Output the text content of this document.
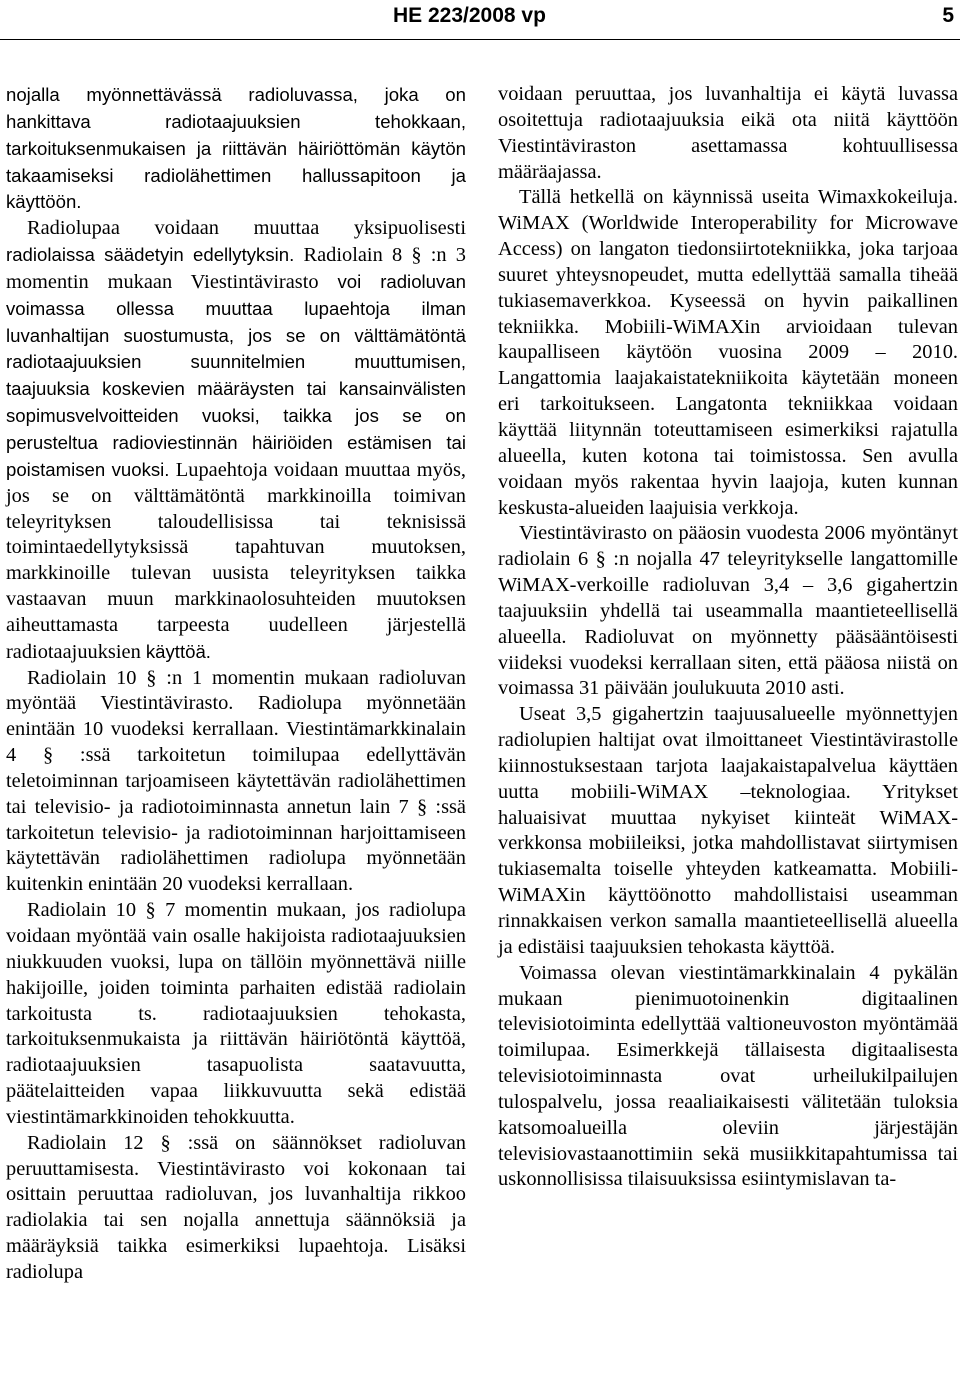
HE 223/2008 vp	5

nojalla myönnettävässä radioluvassa, joka on hankittava radiotaajuuksien tehokkaan, tarkoituksenmukaisen ja riittävän häiriöttömän käytön takaamiseksi radiolähettimen hallussapitoon ja käyttöön.

Radiolupaa voidaan muuttaa yksipuolisesti radiolaissa säädetyin edellytyksin. Radiolain 8 § :n 3 momentin mukaan Viestintävirasto voi radioluvan voimassa ollessa muuttaa lupaehtoja ilman luvanhaltijan suostumusta, jos se on välttämätöntä radiotaajuuksien suunnitelmien muuttumisen, taajuuksia koskevien määräysten tai kansainvälisten sopimusvelvoitteiden vuoksi, taikka jos se on perusteltua radioviestinnän häiriöiden estämisen tai poistamisen vuoksi. Lupaehtoja voidaan muuttaa myös, jos se on välttämätöntä markkinoilla toimivan teleyrityksen taloudellisissa tai teknisissä toimintaedellytyksissä tapahtuvan muutoksen, markkinoille tulevan uusista teleyrityksen taikka vastaavan muun markkinaolosuhteiden muutoksen aiheuttamasta tarpeesta uudelleen järjestellä radiotaajuuksien käyttöä.

Radiolain 10 § :n 1 momentin mukaan radioluvan myöntää Viestintävirasto. Radiolupa myönnetään enintään 10 vuodeksi kerrallaan. Viestintämarkkinalain 4 § :ssä tarkoitetun toimilupaa edellyttävän teletoiminnan tarjoamiseen käytettävän radiolähettimen tai televisio- ja radiotoiminnasta annetun lain 7 § :ssä tarkoitetun televisio- ja radiotoiminnan harjoittamiseen käytettävän radiolähettimen radiolupa myönnetään kuitenkin enintään 20 vuodeksi kerrallaan.

Radiolain 10 § 7 momentin mukaan, jos radiolupa voidaan myöntää vain osalle hakijoista radiotaajuuksien niukkuuden vuoksi, lupa on tällöin myönnettävä niille hakijoille, joiden toiminta parhaiten edistää radiolain tarkoitusta ts. radiotaajuuksien tehokasta, tarkoituksenmukaista ja riittävän häiriötöntä käyttöä, radiotaajuuksien tasapuolista saatavuutta, päätelaitteiden vapaa liikkuvuutta sekä edistää viestintämarkkinoiden tehokkuutta.

Radiolain 12 § :ssä on säännökset radioluvan peruuttamisesta. Viestintävirasto voi kokonaan tai osittain peruuttaa radioluvan, jos luvanhaltija rikkoo radiolakia tai sen nojalla annettuja säännöksiä ja määräyksiä taikka esimerkiksi lupaehtoja. Lisäksi radiolupa

voidaan peruuttaa, jos luvanhaltija ei käytä luvassa osoitettuja radiotaajuuksia eikä ota niitä käyttöön Viestintäviraston asettamassa kohtuullisessa määräajassa.

Tällä hetkellä on käynnissä useita Wimaxkokeiluja. WiMAX (Worldwide Interoperability for Microwave Access) on langaton tiedonsiirtotekniikka, joka tarjoaa suuret yhteysnopeudet, mutta edellyttää samalla tiheää tukiasemaverkkoa. Kyseessä on hyvin paikallinen tekniikka. Mobiili-WiMAXin arvioidaan tulevan kaupalliseen käytöön vuosina 2009 – 2010. Langattomia laajakaistatekniikoita käytetään moneen eri tarkoitukseen. Langatonta tekniikkaa voidaan käyttää liitynnän toteuttamiseen esimerkiksi rajatulla alueella, kuten kotona tai toimistossa. Sen avulla voidaan myös rakentaa hyvin laajoja, kuten kunnan keskusta-alueiden laajuisia verkkoja.

Viestintävirasto on pääosin vuodesta 2006 myöntänyt radiolain 6 § :n nojalla 47 teleyritykselle langattomille WiMAX-verkoille radioluvan 3,4 – 3,6 gigahertzin taajuuksiin yhdellä tai useammalla maantieteellisellä alueella. Radioluvat on myönnetty pääsääntöisesti viideksi vuodeksi kerrallaan siten, että pääosa niistä on voimassa 31 päivään joulukuuta 2010 asti.

Useat 3,5 gigahertzin taajuusalueelle myönnettyjen radiolupien haltijat ovat ilmoittaneet Viestintävirastolle kiinnostuksestaan tarjota laajakaistapalvelua käyttäen uutta mobiili-WiMAX –teknologiaa. Yritykset haluaisivat muuttaa nykyiset kiinteät WiMAX-verkkonsa mobiileiksi, jotka mahdollistavat siirtymisen tukiasemalta toiselle yhteyden katkeamatta. Mobiili-WiMAXin käyttöönotto mahdollistaisi useamman rinnakkaisen verkon samalla maantieteellisellä alueella ja edistäisi taajuuksien tehokasta käyttöä.

Voimassa olevan viestintämarkkinalain 4 pykälän mukaan pienimuotoinenkin digitaalinen televisiotoiminta edellyttää valtioneuvoston myöntämää toimilupaa. Esimerkkejä tällaisesta digitaalisesta televisiotoiminnasta ovat urheilukilpailujen tulospalvelu, jossa reaaliaikaisesti välitetään tuloksia katsomoalueilla oleviin järjestäjän televisiovastaanottimiin sekä musiikkitapahtumissa tai uskonnollisissa tilaisuuksissa esiintymislavan ta-
